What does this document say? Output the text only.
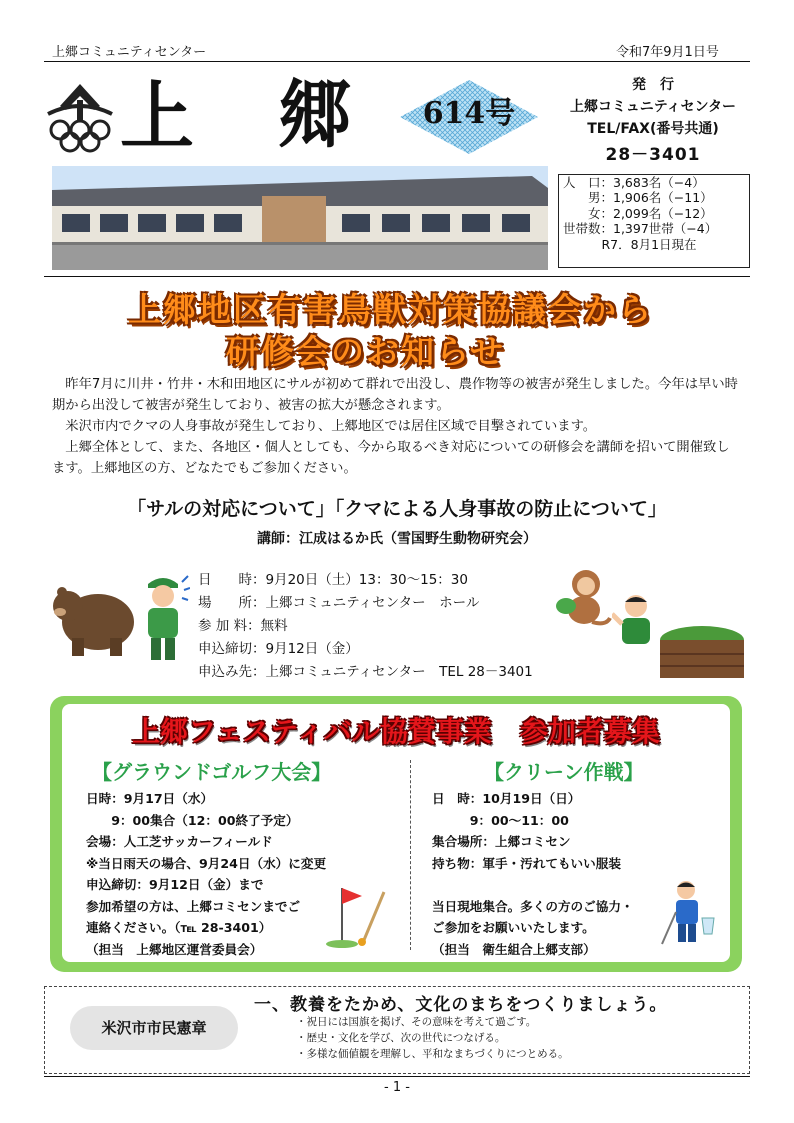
上郷コミュニティセンター	令和7年9月1日号
上 郷	614号
発　行
上郷コミュニティセンター
TEL/FAX(番号共通)
28－3401
人　口：3,683名（−4）
　　男：1,906名（−11）
　　女：2,099名（−12）
世帯数：1,397世帯（−4）
　R7．8月1日現在
上郷地区有害鳥獣対策協議会から
研修会のお知らせ

昨年7月に川井・竹井・木和田地区にサルが初めて群れで出没し、農作物等の被害が発生しました。今年は早い時期から出没して被害が発生しており、被害の拡大が懸念されます。

米沢市内でクマの人身事故が発生しており、上郷地区では居住区域で目撃されています。

上郷全体として、また、各地区・個人としても、今から取るべき対応についての研修会を講師を招いて開催致します。上郷地区の方、どなたでもご参加ください。

「サルの対応について」「クマによる人身事故の防止について」
講師：江成はるか氏（雪国野生動物研究会）
日　　時：9月20日（土）13：30～15：30
場　　所：上郷コミュニティセンター　ホール
参 加 料：無料
申込締切：9月12日（金）
申込み先：上郷コミュニティセンター　TEL 28－3401
上郷フェスティバル協賛事業　参加者募集
【グラウンドゴルフ大会】
日時：9月17日（水）
　　9：00集合（12：00終了予定）
会場：人工芝サッカーフィールド
※当日雨天の場合、9月24日（水）に変更
申込締切：9月12日（金）まで
参加希望の方は、上郷コミセンまでご
連絡ください。（℡ 28-3401）
（担当　上郷地区運営委員会）
【クリーン作戦】
日　時：10月19日（日）
　　　9：00～11：00
集合場所：上郷コミセン
持ち物：軍手・汚れてもいい服装

当日現地集合。多くの方のご協力・
ご参加をお願いいたします。
（担当　衛生組合上郷支部）
米沢市市民憲章
一、教養をたかめ、文化のまちをつくりましょう。
・祝日には国旗を掲げ、その意味を考えて過ごす。
・歴史・文化を学び、次の世代につなげる。
・多様な価値観を理解し、平和なまちづくりにつとめる。
- 1 -
